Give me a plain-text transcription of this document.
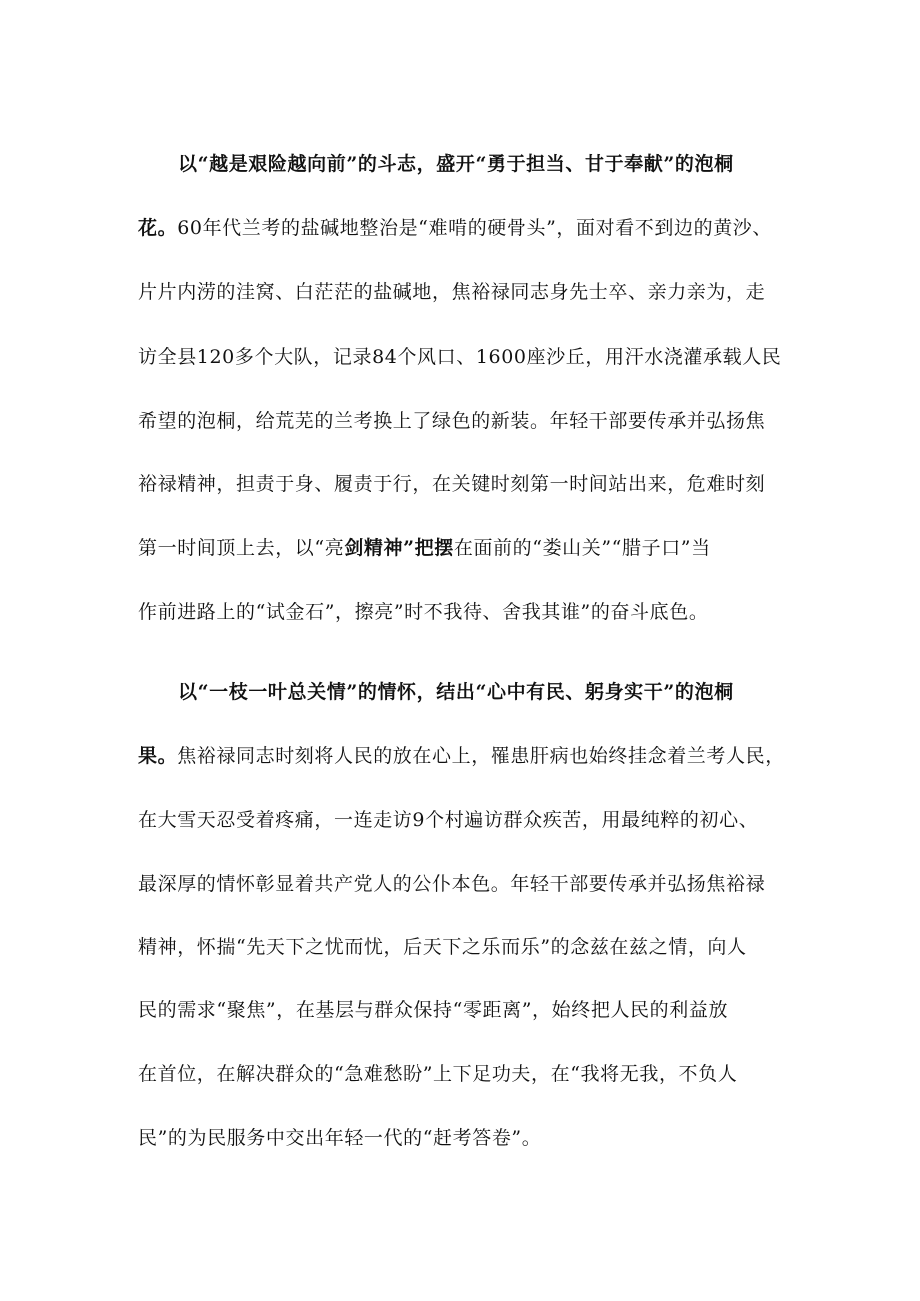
以“越是艰险越向前”的斗志，盛开“勇于担当、甘于奉献”的泡桐
花。60年代兰考的盐碱地整治是“难啃的硬骨头”，面对看不到边的黄沙、
片片内涝的洼窝、白茫茫的盐碱地，焦裕禄同志身先士卒、亲力亲为，走
访全县120多个大队，记录84个风口、1600座沙丘，用汗水浇灌承载人民
希望的泡桐，给荒芜的兰考换上了绿色的新装。年轻干部要传承并弘扬焦
裕禄精神，担责于身、履责于行，在关键时刻第一时间站出来，危难时刻
第一时间顶上去，以“亮剑精神”把摆在面前的“娄山关”“腊子口”当
作前进路上的“试金石”，擦亮”时不我待、舍我其谁”的奋斗底色。
以“一枝一叶总关情”的情怀，结出“心中有民、躬身实干”的泡桐
果。焦裕禄同志时刻将人民的放在心上，罹患肝病也始终挂念着兰考人民，
在大雪天忍受着疼痛，一连走访9个村遍访群众疾苦，用最纯粹的初心、
最深厚的情怀彰显着共产党人的公仆本色。年轻干部要传承并弘扬焦裕禄
精神，怀揣“先天下之忧而忧，后天下之乐而乐”的念兹在兹之情，向人
民的需求“聚焦”，在基层与群众保持“零距离”，始终把人民的利益放
在首位，在解决群众的“急难愁盼”上下足功夫，在“我将无我，不负人
民”的为民服务中交出年轻一代的“赶考答卷”。
